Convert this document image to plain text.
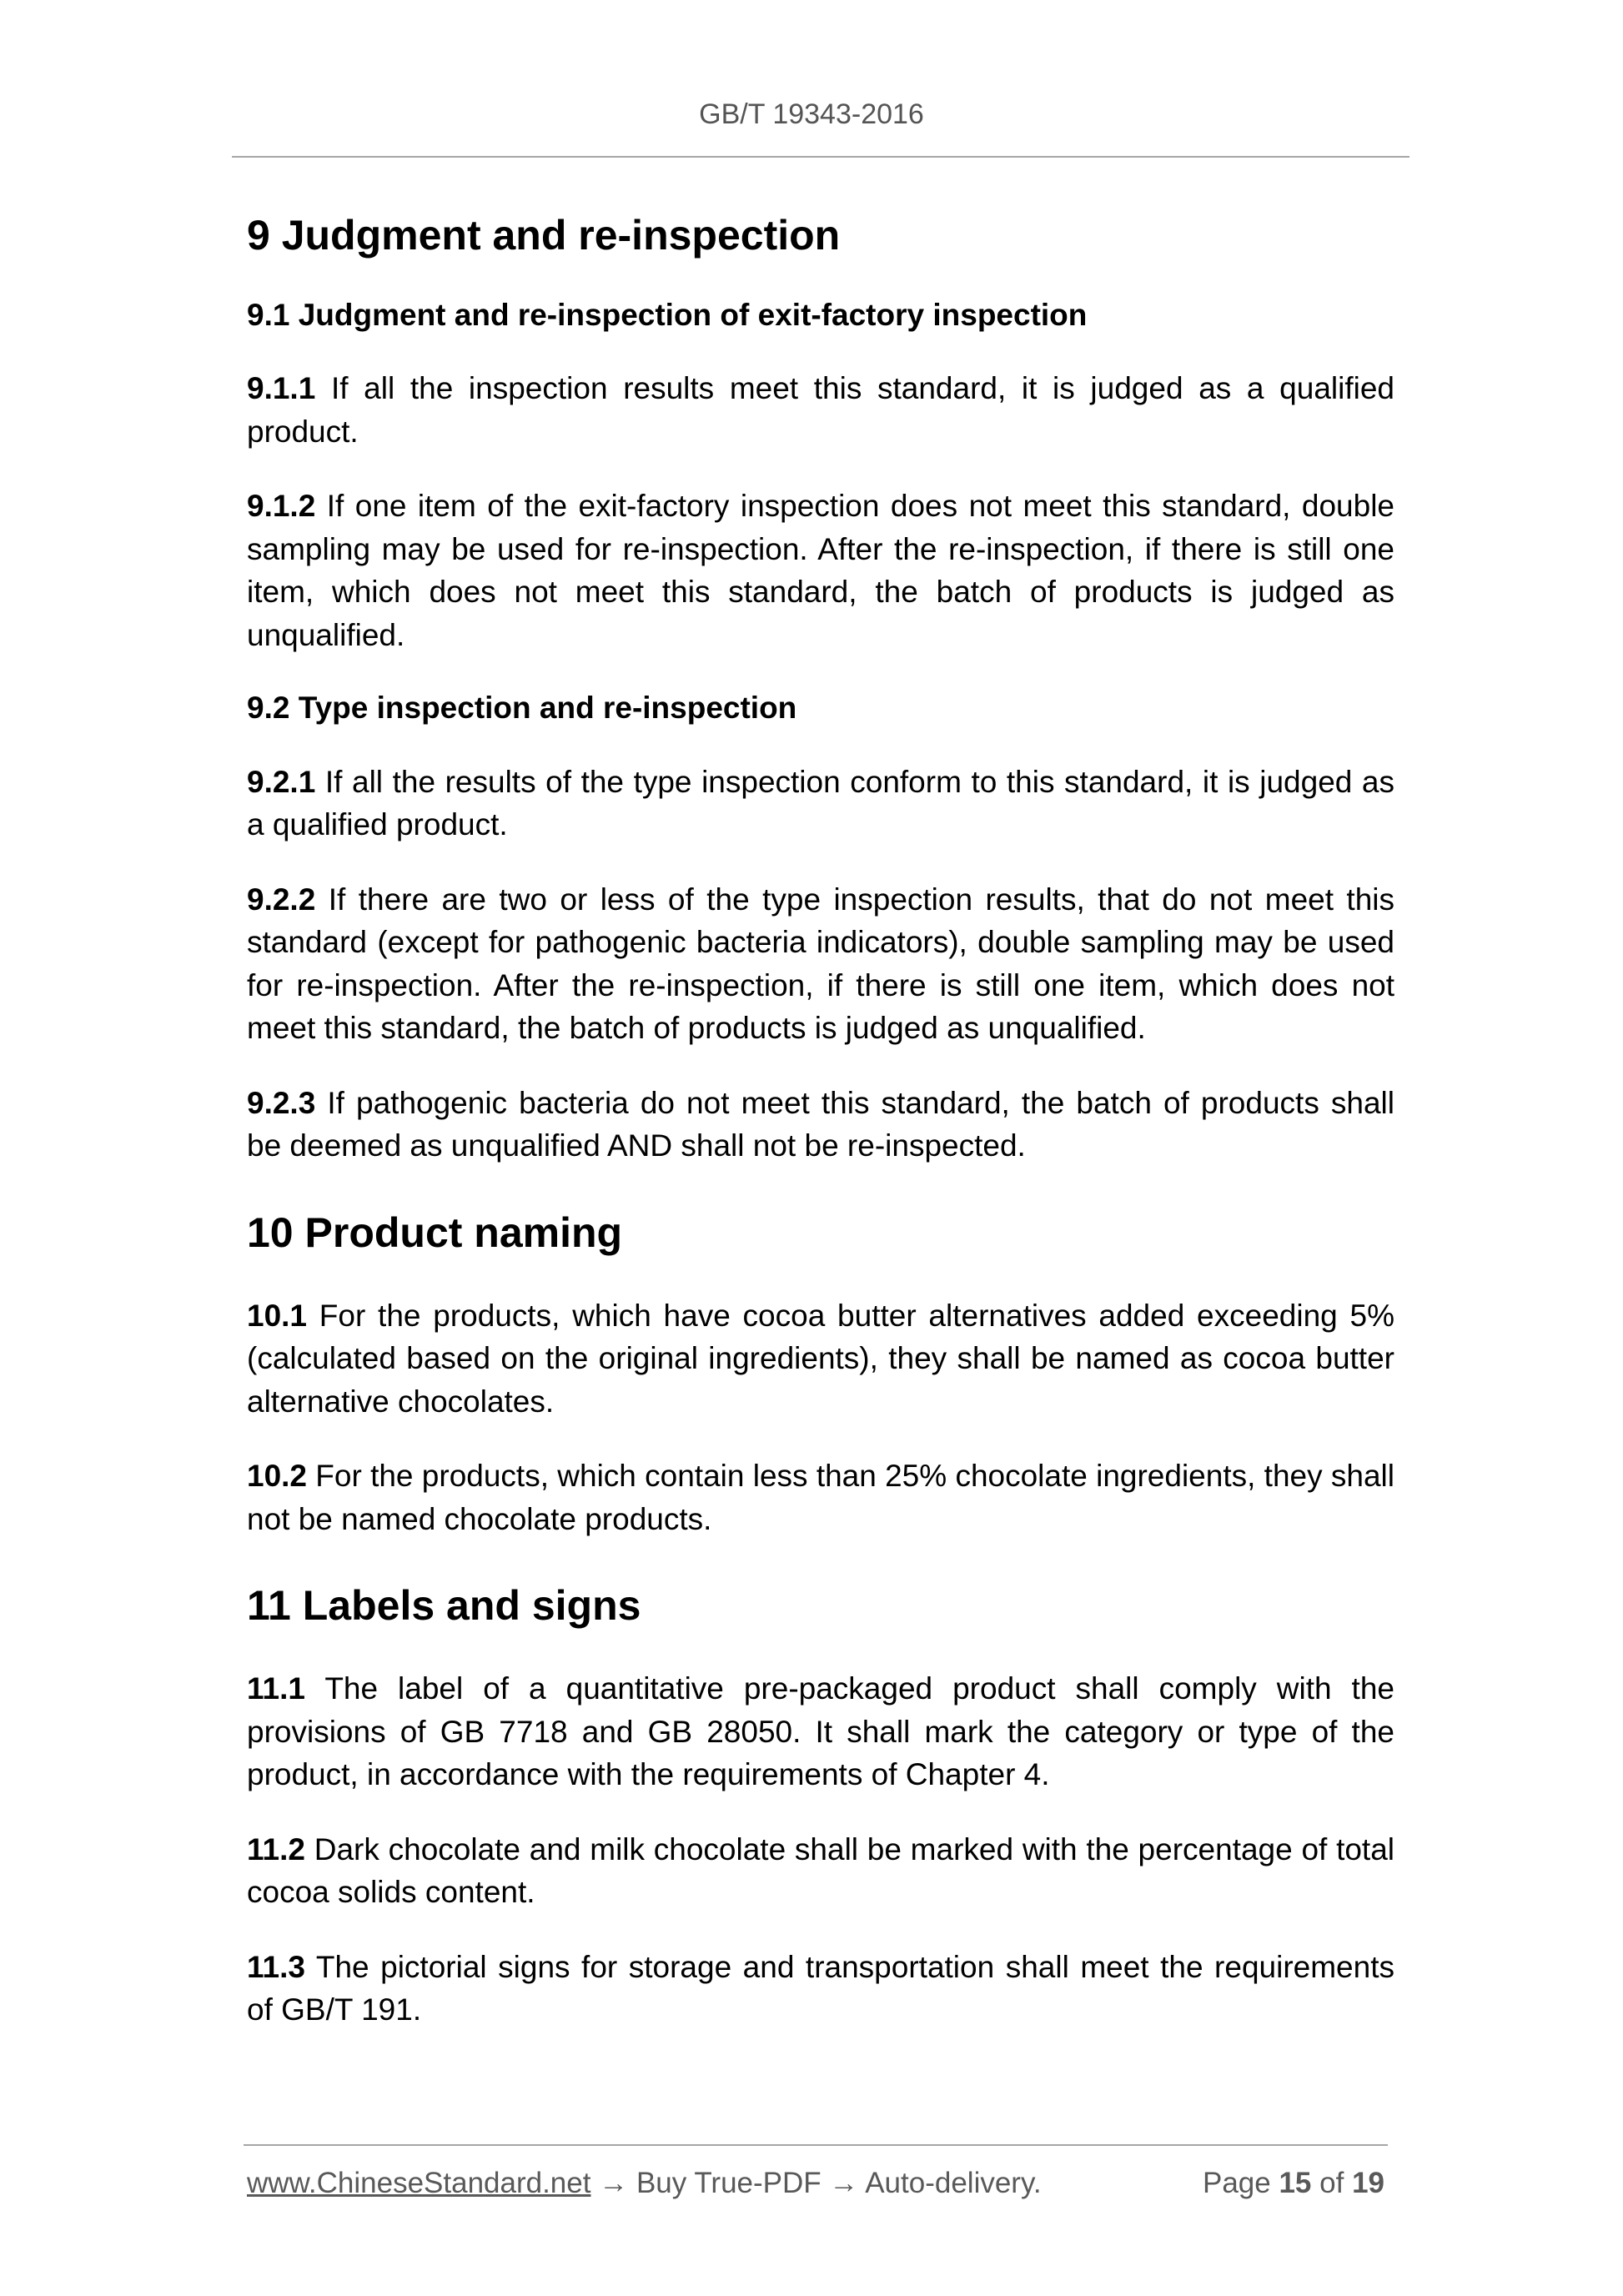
GB/T 19343-2016
9 Judgment and re-inspection
9.1 Judgment and re-inspection of exit-factory inspection

9.1.1 If all the inspection results meet this standard, it is judged as a qualified product.

9.1.2 If one item of the exit-factory inspection does not meet this standard, double sampling may be used for re-inspection. After the re-inspection, if there is still one item, which does not meet this standard, the batch of products is judged as unqualified.

9.2 Type inspection and re-inspection

9.2.1 If all the results of the type inspection conform to this standard, it is judged as a qualified product.

9.2.2 If there are two or less of the type inspection results, that do not meet this standard (except for pathogenic bacteria indicators), double sampling may be used for re-inspection. After the re-inspection, if there is still one item, which does not meet this standard, the batch of products is judged as unqualified.

9.2.3 If pathogenic bacteria do not meet this standard, the batch of products shall be deemed as unqualified AND shall not be re-inspected.

10 Product naming

10.1 For the products, which have cocoa butter alternatives added exceeding 5% (calculated based on the original ingredients), they shall be named as cocoa butter alternative chocolates.

10.2 For the products, which contain less than 25% chocolate ingredients, they shall not be named chocolate products.

11 Labels and signs

11.1 The label of a quantitative pre-packaged product shall comply with the provisions of GB 7718 and GB 28050. It shall mark the category or type of the product, in accordance with the requirements of Chapter 4.

11.2 Dark chocolate and milk chocolate shall be marked with the percentage of total cocoa solids content.

11.3 The pictorial signs for storage and transportation shall meet the requirements of GB/T 191.

www.ChineseStandard.net → Buy True-PDF → Auto-delivery.	Page 15 of 19
